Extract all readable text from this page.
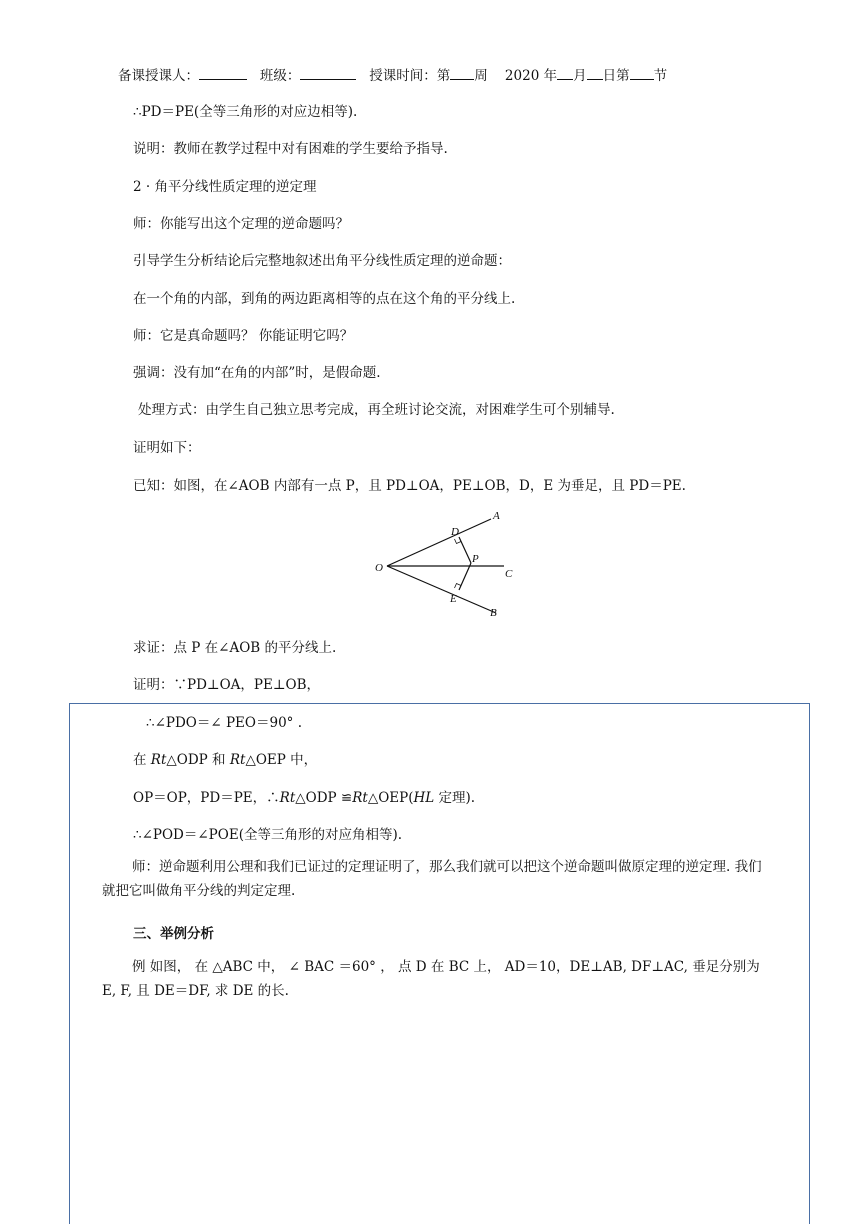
备课授课人：	班级：	授课时间：第 周 2020 年 月 日第 节
∴PD＝PE(全等三角形的对应边相等).
说明：教师在教学过程中对有困难的学生要给予指导.
2 · 角平分线性质定理的逆定理
师：你能写出这个定理的逆命题吗？
引导学生分析结论后完整地叙述出角平分线性质定理的逆命题：
在一个角的内部，到角的两边距离相等的点在这个角的平分线上.
师：它是真命题吗？ 你能证明它吗？
强调：没有加“在角的内部”时，是假命题.
处理方式：由学生自己独立思考完成，再全班讨论交流，对困难学生可个别辅导.
证明如下：
已知：如图，在∠AOB 内部有一点 P，且 PD⊥OA，PE⊥OB，D，E 为垂足，且 PD＝PE.
A
B
C
D
E
O
P
求证：点 P 在∠AOB 的平分线上.
证明：∵PD⊥OA，PE⊥OB，
∴∠PDO＝∠ PEO＝90° .
在 Rt△ODP 和 Rt△OEP 中，
OP＝OP，PD＝PE，∴Rt△ODP ≌Rt△OEP(HL 定理).
∴∠POD＝∠POE(全等三角形的对应角相等).
师：逆命题利用公理和我们已证过的定理证明了，那么我们就可以把这个逆命题叫做原定理的逆定理. 我们就把它叫做角平分线的判定定理.
三、举例分析
例 如图， 在 △ABC 中， ∠ BAC ＝60° ， 点 D 在 BC 上， AD＝10，DE⊥AB, DF⊥AC, 垂足分别为 E, F, 且 DE＝DF, 求 DE 的长.
